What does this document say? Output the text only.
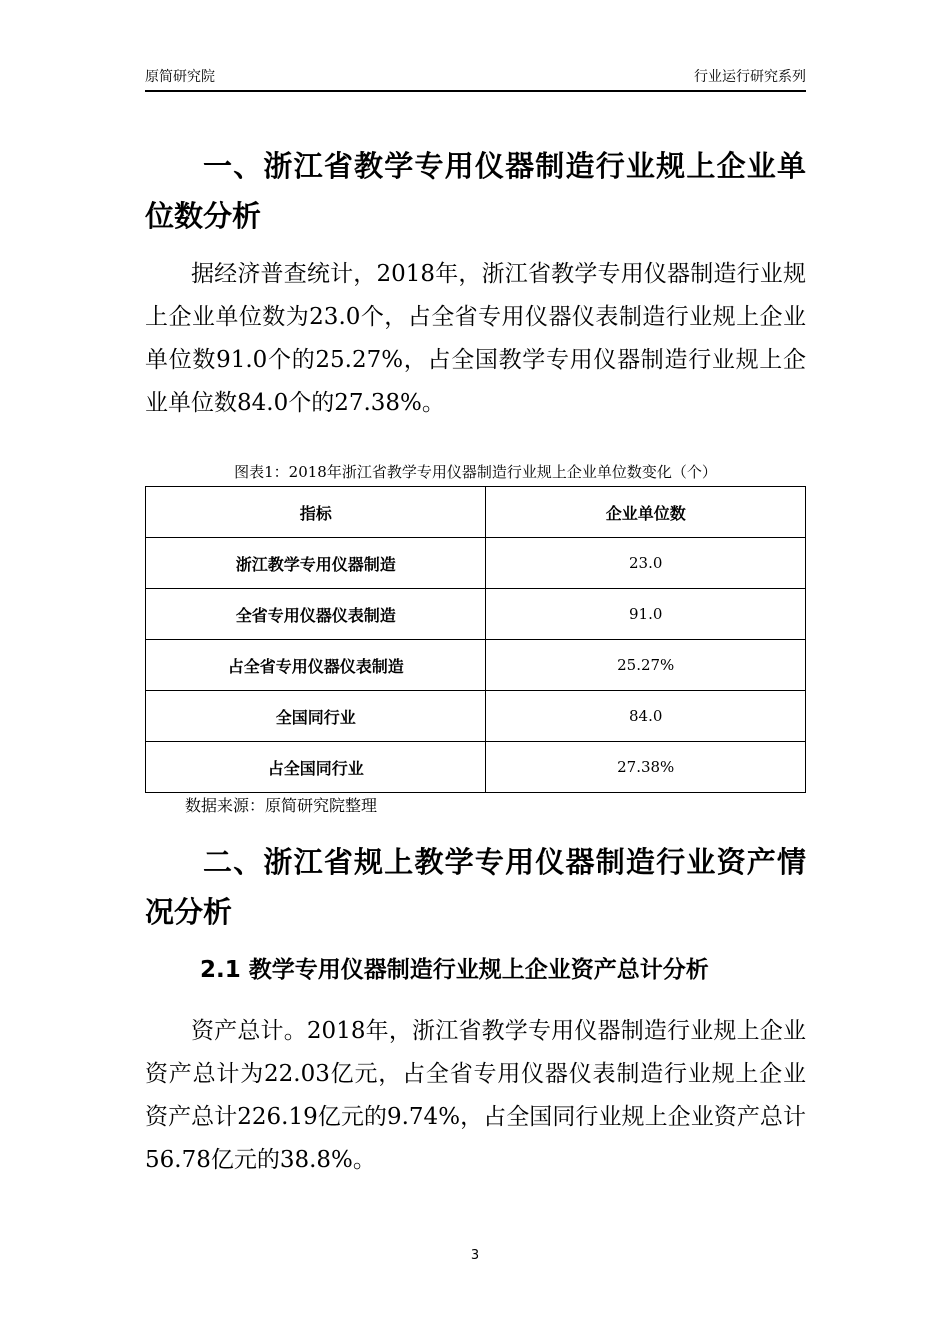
原简研究院	行业运行研究系列
一、浙江省教学专用仪器制造行业规上企业单位数分析

据经济普查统计，2018年，浙江省教学专用仪器制造行业规上企业单位数为23.0个，占全省专用仪器仪表制造行业规上企业单位数91.0个的25.27%，占全国教学专用仪器制造行业规上企业单位数84.0个的27.38%。

图表1：2018年浙江省教学专用仪器制造行业规上企业单位数变化（个）

指标	企业单位数
浙江教学专用仪器制造	23.0
全省专用仪器仪表制造	91.0
占全省专用仪器仪表制造	25.27%
全国同行业	84.0
占全国同行业	27.38%
数据来源：原简研究院整理
二、浙江省规上教学专用仪器制造行业资产情况分析
2.1 教学专用仪器制造行业规上企业资产总计分析

资产总计。2018年，浙江省教学专用仪器制造行业规上企业资产总计为22.03亿元，占全省专用仪器仪表制造行业规上企业资产总计226.19亿元的9.74%，占全国同行业规上企业资产总计56.78亿元的38.8%。

3
